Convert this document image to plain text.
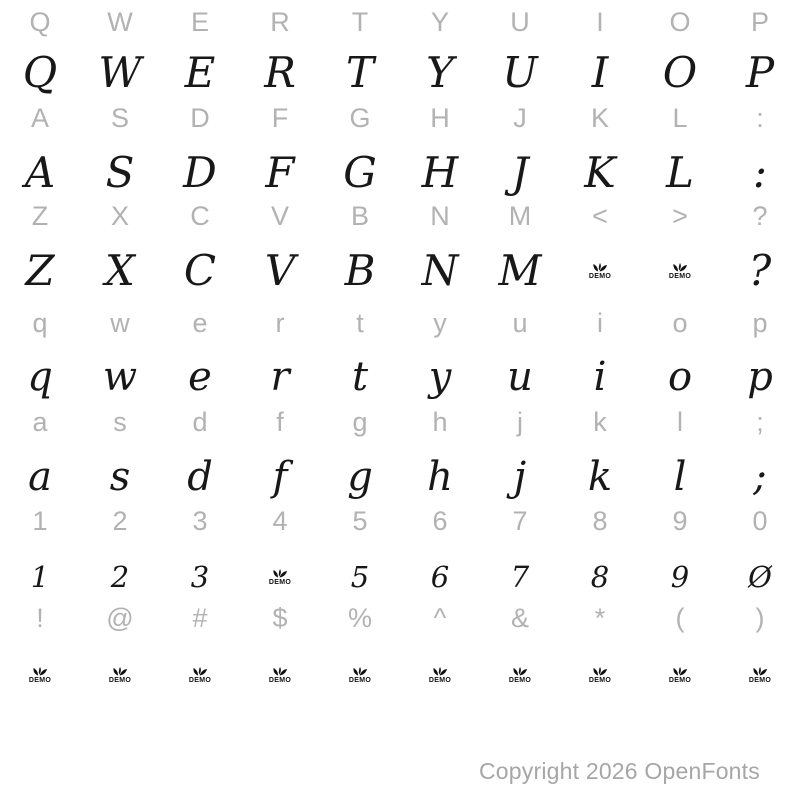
Q W E R T Y U I O P
Q W E R T Y U I O P
A S D F G H J K L	:
A S D F G H J K L :
Z X C V B N M < > ?
Z X C V B N M	DEMO	DEMO ?
q w e	r	t	y u	i	o p
q w e r t y u i o p
a s d	f	g h	j	k	l	;
a s d f g h j k l ;
1 2 3 4 5 6 7 8 9 0
1 2 3	DEMO 5 6 7 8 9 Ø
! @ # $ % ^ & *	(	)
DEMO	DEMO	DEMO	DEMO	DEMO	DEMO	DEMO	DEMO	DEMO	DEMO
Copyright 2026 OpenFonts
